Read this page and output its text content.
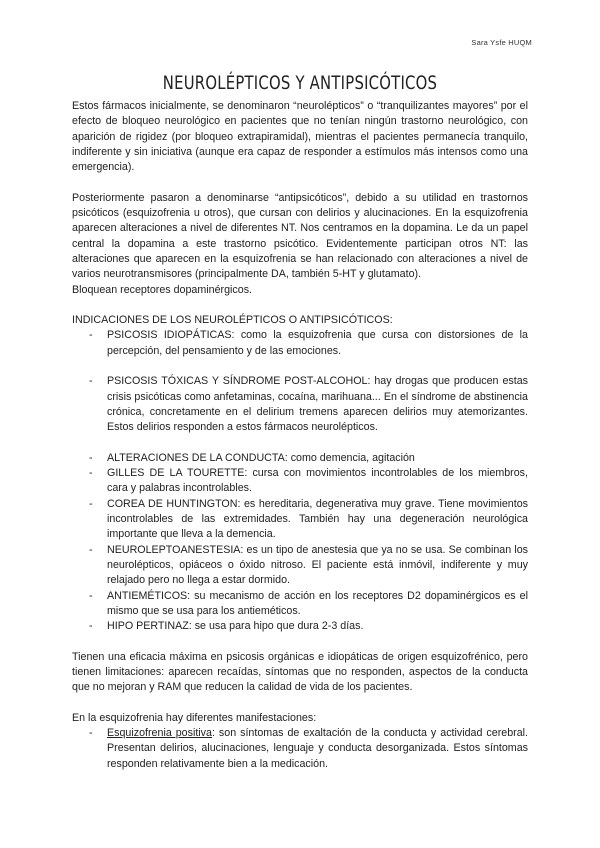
Sara Ysfe HUQM
NEUROLÉPTICOS Y ANTIPSICÓTICOS

Estos fármacos inicialmente, se denominaron “neurolépticos” o “tranquilizantes mayores” por el efecto de bloqueo neurológico en pacientes que no tenían ningún trastorno neurológico, con aparición de rigidez (por bloqueo extrapiramidal), mientras el pacientes permanecía tranquilo, indiferente y sin iniciativa (aunque era capaz de responder a estímulos más intensos como una emergencia).

Posteriormente pasaron a denominarse “antipsicóticos”, debido a su utilidad en trastornos psicóticos (esquizofrenia u otros), que cursan con delirios y alucinaciones. En la esquizofrenia aparecen alteraciones a nivel de diferentes NT. Nos centramos en la dopamina. Le da un papel central la dopamina a este trastorno psicótico. Evidentemente participan otros NT: las alteraciones que aparecen en la esquizofrenia se han relacionado con alteraciones a nivel de varios neurotransmisores (principalmente DA, también 5-HT y glutamato).

Bloquean receptores dopaminérgicos.

INDICACIONES DE LOS NEUROLÉPTICOS O ANTIPSICÓTICOS:

- PSICOSIS IDIOPÁTICAS: como la esquizofrenia que cursa con distorsiones de la percepción, del pensamiento y de las emociones.
- PSICOSIS TÓXICAS Y SÍNDROME POST-ALCOHOL: hay drogas que producen estas crisis psicóticas como anfetaminas, cocaína, marihuana... En el síndrome de abstinencia crónica, concretamente en el delirium tremens aparecen delirios muy atemorizantes. Estos delirios responden a estos fármacos neurolépticos.
- ALTERACIONES DE LA CONDUCTA: como demencia, agitación
- GILLES DE LA TOURETTE: cursa con movimientos incontrolables de los miembros, cara y palabras incontrolables.
- COREA DE HUNTINGTON: es hereditaria, degenerativa muy grave. Tiene movimientos incontrolables de las extremidades. También hay una degeneración neurológica importante que lleva a la demencia.
- NEUROLEPTOANESTESIA: es un tipo de anestesia que ya no se usa. Se combinan los neurolépticos, opiáceos o óxido nitroso. El paciente está inmóvil, indiferente y muy relajado pero no llega a estar dormido.
- ANTIEMÉTICOS: su mecanismo de acción en los receptores D2 dopaminérgicos es el mismo que se usa para los antieméticos.
- HIPO PERTINAZ: se usa para hipo que dura 2-3 días.

Tienen una eficacia máxima en psicosis orgánicas e idiopáticas de origen esquizofrénico, pero tienen limitaciones: aparecen recaídas, síntomas que no responden, aspectos de la conducta que no mejoran y RAM que reducen la calidad de vida de los pacientes.

En la esquizofrenia hay diferentes manifestaciones:

- Esquizofrenia positiva: son síntomas de exaltación de la conducta y actividad cerebral. Presentan delirios, alucinaciones, lenguaje y conducta desorganizada. Estos síntomas responden relativamente bien a la medicación.
